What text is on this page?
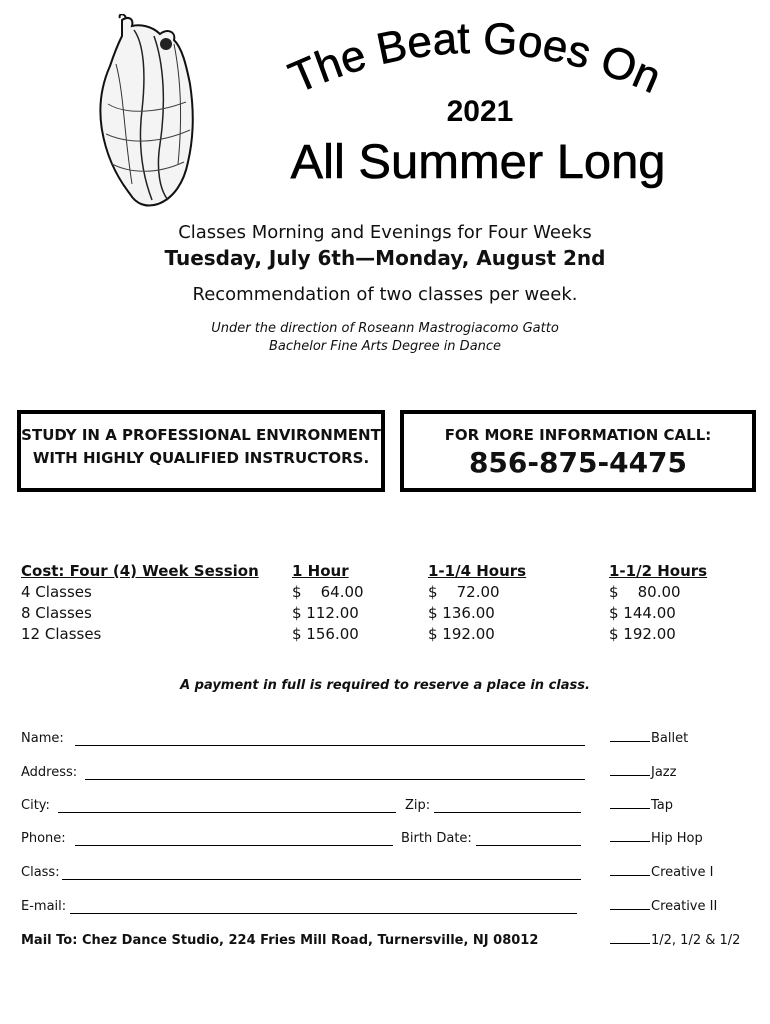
The Beat Goes On
2021
All Summer Long
Classes Morning and Evenings for Four Weeks
Tuesday, July 6th—Monday, August 2nd
Recommendation of two classes per week.
Under the direction of Roseann Mastrogiacomo Gatto
Bachelor Fine Arts Degree in Dance
STUDY IN A PROFESSIONAL ENVIRONMENT
WITH HIGHLY QUALIFIED INSTRUCTORS.
FOR MORE INFORMATION CALL:
856-875-4475
Cost: Four (4) Week Session
4 Classes
8 Classes
12 Classes
1 Hour
$    64.00
$ 112.00
$ 156.00
1-1/4 Hours
$    72.00
$ 136.00
$ 192.00
1-1/2 Hours
$    80.00
$ 144.00
$ 192.00
A payment in full is required to reserve a place in class.
Name:
Address:
City:	Zip:
Phone:	Birth Date:
Class:
E-mail:
Mail To: Chez Dance Studio, 224 Fries Mill Road, Turnersville, NJ 08012
Ballet
Jazz
Tap
Hip Hop
Creative I
Creative II
1/2, 1/2 & 1/2
